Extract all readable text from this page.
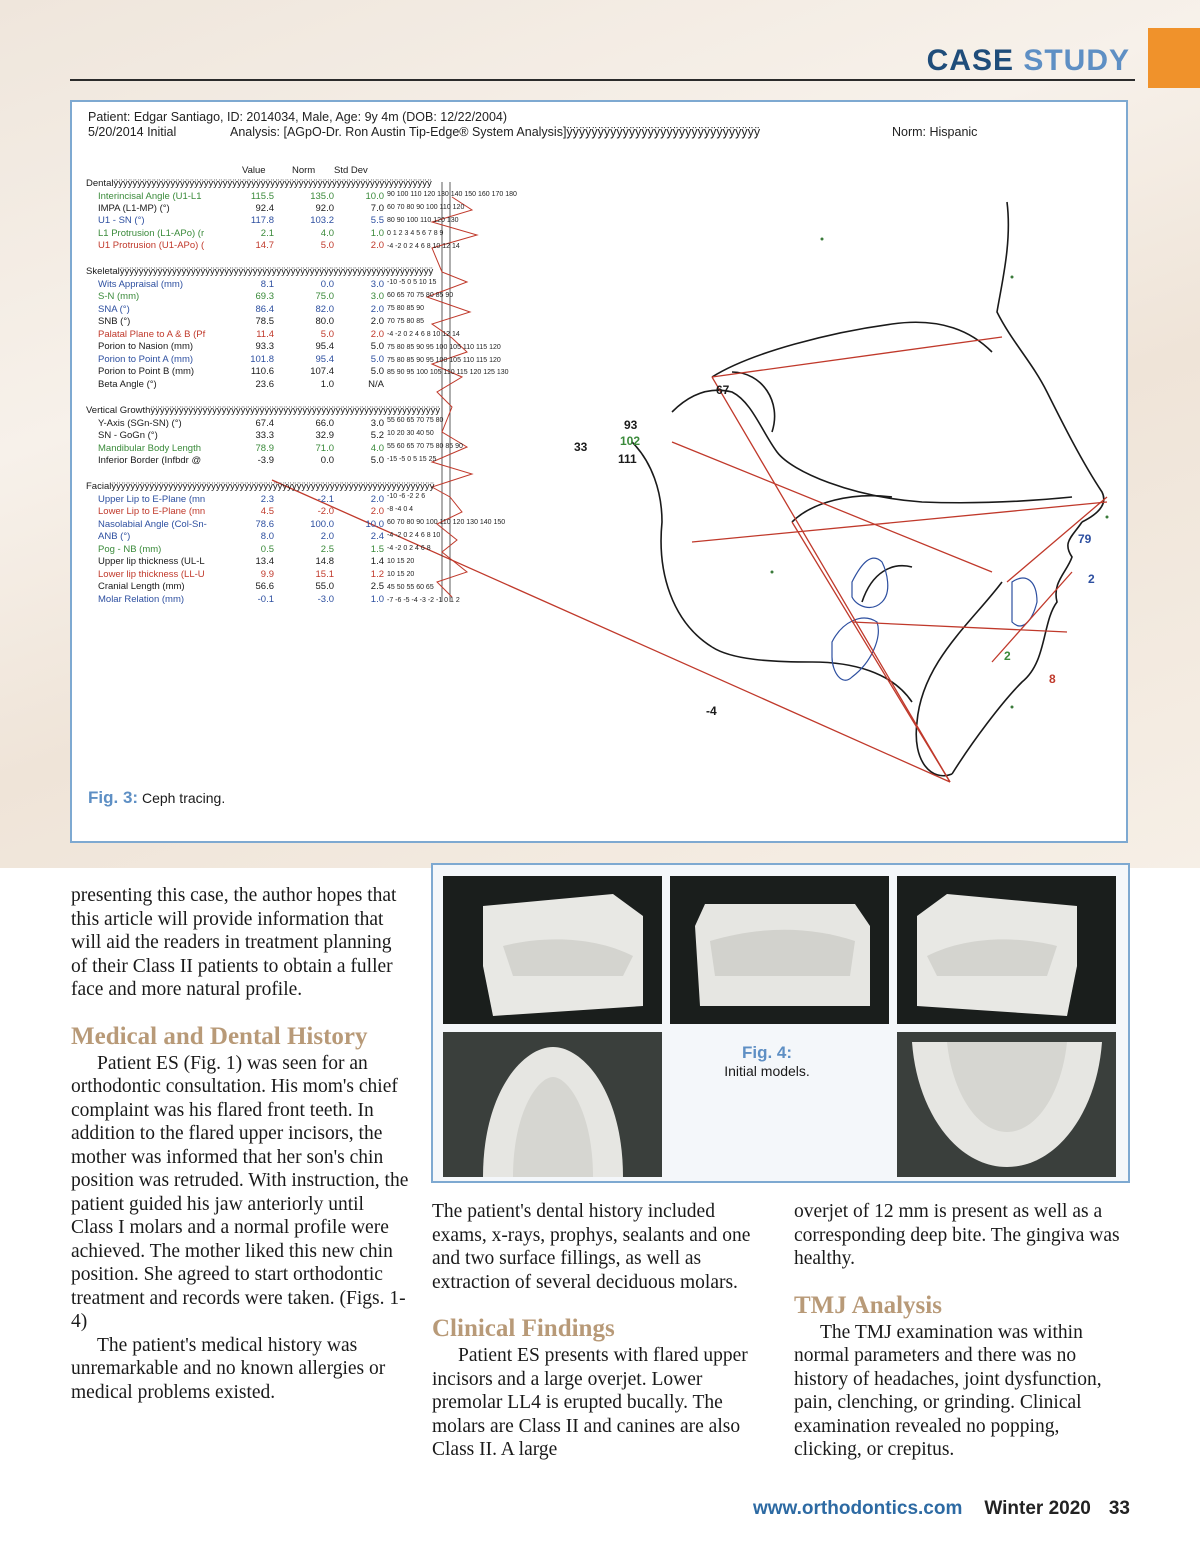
CASE STUDY
90 100 110 120 130 140 150 160 170 180
60 70 80 90 100 110 120
80 90 100 110 120 130
0 1 2 3 4 5 6 7 8 9
-4 -2 0 2 4 6 8 10 12 14
-10 -5 0 5 10 15
60 65 70 75 80 85 90
75 80 85 90
70 75 80 85
-4 -2 0 2 4 6 8 10 12 14
75 80 85 90 95 100 105 110 115 120
75 80 85 90 95 100 105 110 115 120
85 90 95 100 105 110 115 120 125 130
55 60 65 70 75 80
10 20 30 40 50
55 60 65 70 75 80 85 90
-15 -5 0 5 15 25
-10 -6 -2 2 6
-8 -4 0 4
60 70 80 90 100 110 120 130 140 150
-4 -2 0 2 4 6 8 10
-4 -2 0 2 4 6 8
10 15 20
10 15 20
45 50 55 60 65
-7 -6 -5 -4 -3 -2 -1 0 1 2
Patient: Edgar Santiago, ID: 2014034, Male, Age: 9y 4m (DOB: 12/22/2004)
5/20/2014 Initial	Analysis: [AGpO-Dr. Ron Austin Tip-Edge® System Analysis]ÿÿÿÿÿÿÿÿÿÿÿÿÿÿÿÿÿÿÿÿÿÿÿÿÿÿÿÿÿÿÿ	Norm: Hispanic
Value	Norm Std Dev
Dentalÿÿÿÿÿÿÿÿÿÿÿÿÿÿÿÿÿÿÿÿÿÿÿÿÿÿÿÿÿÿÿÿÿÿÿÿÿÿÿÿÿÿÿÿÿÿÿÿÿÿÿÿÿÿÿÿÿÿÿÿÿÿÿÿÿÿÿ
Interincisal Angle (U1-L1	115.5	135.0	10.0
IMPA (L1-MP) (°)	92.4	92.0	7.0
U1 - SN (°)	117.8	103.2	5.5
L1 Protrusion (L1-APo) (r	2.1	4.0	1.0
U1 Protrusion (U1-APo) (	14.7	5.0	2.0
Skeletalÿÿÿÿÿÿÿÿÿÿÿÿÿÿÿÿÿÿÿÿÿÿÿÿÿÿÿÿÿÿÿÿÿÿÿÿÿÿÿÿÿÿÿÿÿÿÿÿÿÿÿÿÿÿÿÿÿÿÿÿÿÿÿÿÿÿ
Wits Appraisal (mm)	8.1	0.0	3.0
S-N (mm)	69.3	75.0	3.0
SNA (°)	86.4	82.0	2.0
SNB (°)	78.5	80.0	2.0
Palatal Plane to A & B (Pf	11.4	5.0	2.0
Porion to Nasion (mm)	93.3	95.4	5.0
Porion to Point A (mm)	101.8	95.4	5.0
Porion to Point B (mm)	110.6	107.4	5.0
Beta Angle (°)	23.6	1.0	N/A
Vertical Growthÿÿÿÿÿÿÿÿÿÿÿÿÿÿÿÿÿÿÿÿÿÿÿÿÿÿÿÿÿÿÿÿÿÿÿÿÿÿÿÿÿÿÿÿÿÿÿÿÿÿÿÿÿÿÿÿÿÿÿÿÿ
Y-Axis (SGn-SN) (°)	67.4	66.0	3.0
SN - GoGn (°)	33.3	32.9	5.2
Mandibular Body Length	78.9	71.0	4.0
Inferior Border (Infbdr @	-3.9	0.0	5.0
Facialÿÿÿÿÿÿÿÿÿÿÿÿÿÿÿÿÿÿÿÿÿÿÿÿÿÿÿÿÿÿÿÿÿÿÿÿÿÿÿÿÿÿÿÿÿÿÿÿÿÿÿÿÿÿÿÿÿÿÿÿÿÿÿÿÿÿÿÿ
Upper Lip to E-Plane (mn	2.3	-2.1	2.0
Lower Lip to E-Plane (mn	4.5	-2.0	2.0
Nasolabial Angle (Col-Sn-	78.6	100.0	10.0
ANB (°)	8.0	2.0	2.4
Pog - NB (mm)	0.5	2.5	1.5
Upper lip thickness (UL-L	13.4	14.8	1.4
Lower lip thickness (LL-U	9.9	15.1	1.2
Cranial Length (mm)	56.6	55.0	2.5
Molar Relation (mm)	-0.1	-3.0	1.0
67
93
102
33
111
79
2
2
8
-4
Fig. 3: Ceph tracing.
Fig. 4:
Initial models.

presenting this case, the author hopes that this article will provide information that will aid the readers in treatment planning of their Class II patients to obtain a fuller face and more natural profile.

Medical and Dental History

Patient ES (Fig. 1) was seen for an orthodontic consultation. His mom's chief complaint was his flared front teeth. In addition to the flared upper incisors, the mother was informed that her son's chin position was retruded. With instruction, the patient guided his jaw anteriorly until Class I molars and a normal profile were achieved. The mother liked this new chin position. She agreed to start orthodontic treatment and records were taken. (Figs. 1-4)

The patient's medical history was unremarkable and no known allergies or medical problems existed.

The patient's dental history included exams, x-rays, prophys, sealants and one and two surface fillings, as well as extraction of several deciduous molars.

Clinical Findings

Patient ES presents with flared upper incisors and a large overjet. Lower premolar LL4 is erupted bucally. The molars are Class II and canines are also Class II. A large

overjet of 12 mm is present as well as a corresponding deep bite. The gingiva was healthy.

TMJ Analysis

The TMJ examination was within normal parameters and there was no history of headaches, joint dysfunction, pain, clenching, or grinding. Clinical examination revealed no popping, clicking, or crepitus.

www.orthodontics.com Winter 2020 33
